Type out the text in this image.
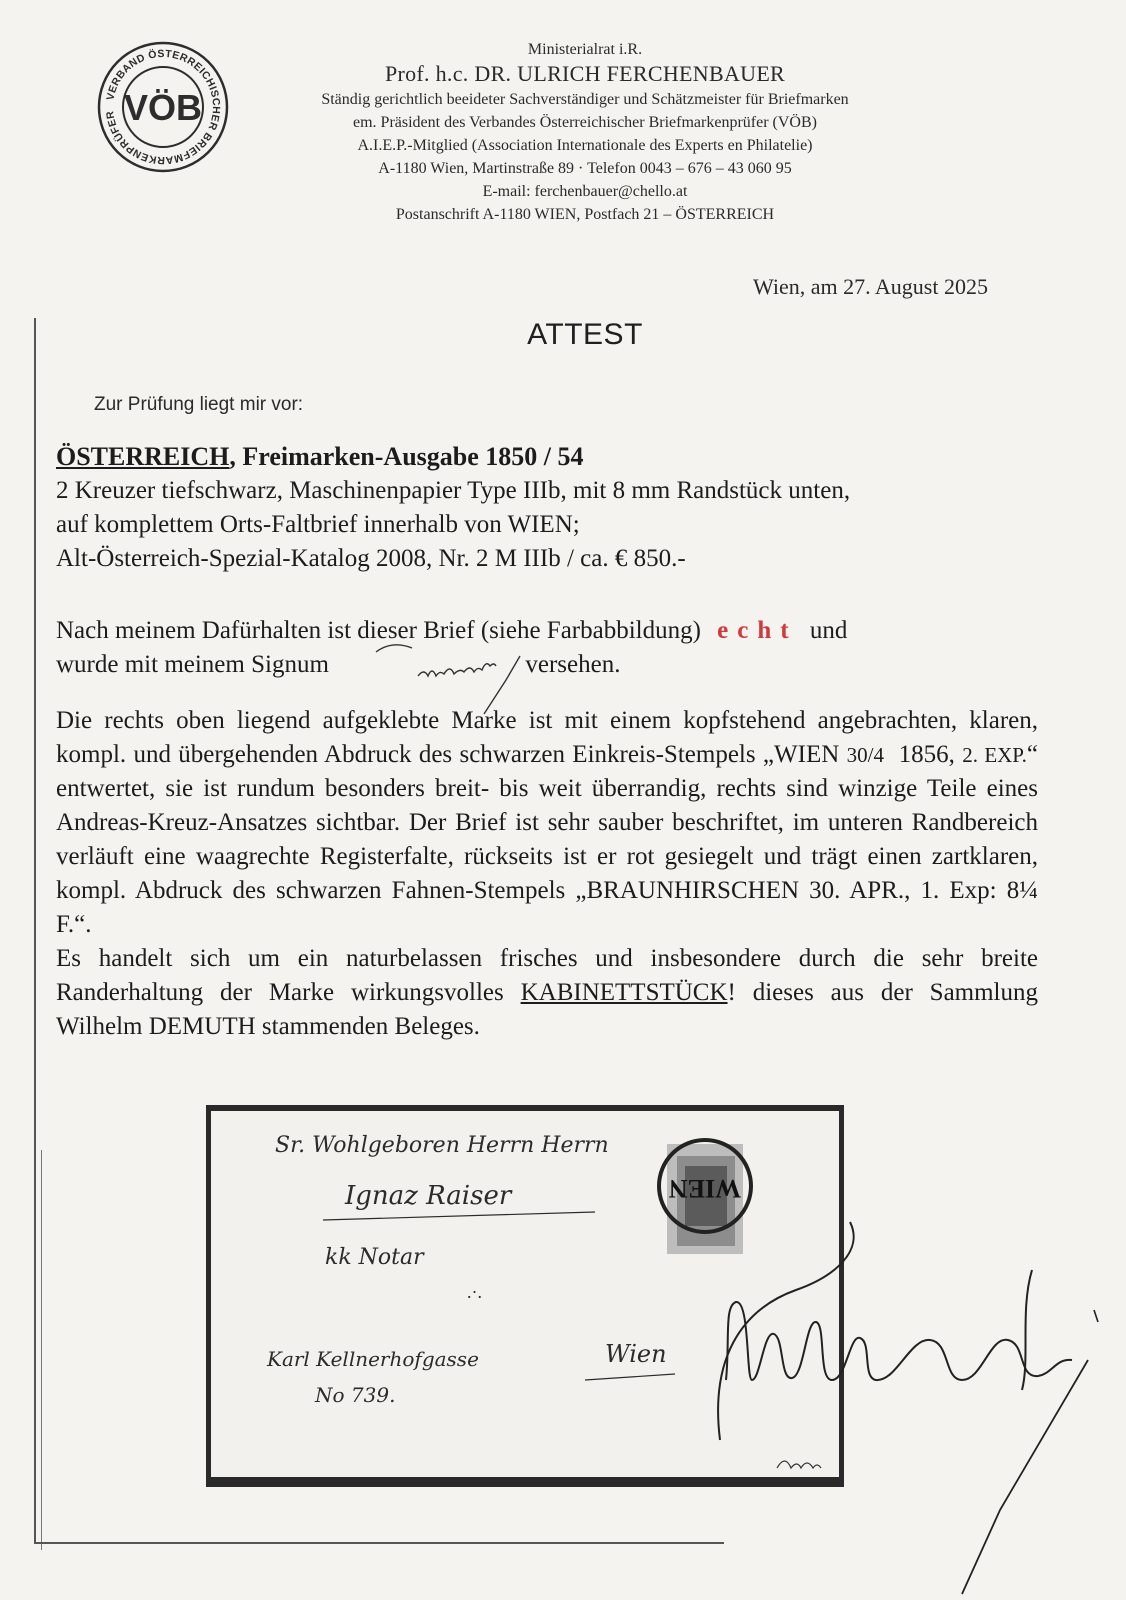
VERBAND ÖSTERREICHISCHER BRIEFMARKENPRÜFER VÖB
Ministerialrat i.R.
Prof. h.c. DR. ULRICH FERCHENBAUER
Ständig gerichtlich beeideter Sachverständiger und Schätzmeister für Briefmarken
em. Präsident des Verbandes Österreichischer Briefmarkenprüfer (VÖB)
A.I.E.P.-Mitglied (Association Internationale des Experts en Philatelie)
A-1180 Wien, Martinstraße 89 · Telefon 0043 – 676 – 43 060 95
E-mail: ferchenbauer@chello.at
Postanschrift A-1180 WIEN, Postfach 21 – ÖSTERREICH
Wien, am 27. August 2025
ATTEST
Zur Prüfung liegt mir vor:
ÖSTERREICH, Freimarken-Ausgabe 1850 / 54
2 Kreuzer tiefschwarz, Maschinenpapier Type IIIb, mit 8 mm Randstück unten,
auf komplettem Orts-Faltbrief innerhalb von WIEN;
Alt-Österreich-Spezial-Katalog 2008, Nr. 2 M IIIb / ca. € 850.-
Nach meinem Dafürhalten ist dieser Brief (siehe Farbabbildung) echt und
wurde mit meinem Signum	versehen.

Die rechts oben liegend aufgeklebte Marke ist mit einem kopfstehend angebrachten, klaren, kompl. und übergehenden Abdruck des schwarzen Einkreis-Stempels „WIEN 30/4 1856, 2. EXP.“ entwertet, sie ist rundum besonders breit- bis weit überrandig, rechts sind winzige Teile eines Andreas-Kreuz-Ansatzes sichtbar. Der Brief ist sehr sauber beschriftet, im unteren Randbereich verläuft eine waagrechte Registerfalte, rückseits ist er rot gesiegelt und trägt einen zartklaren, kompl. Abdruck des schwarzen Fahnen-Stempels „BRAUNHIRSCHEN 30. APR., 1. Exp: 8¼ F.“.

Es handelt sich um ein naturbelassen frisches und insbesondere durch die sehr breite Randerhaltung der Marke wirkungsvolles KABINETTSTÜCK! dieses aus der Sammlung Wilhelm DEMUTH stammenden Beleges.

WIEN
Sr. Wohlgeboren Herrn Herrn
Ignaz Raiser
kk Notar
.·.
Karl Kellnerhofgasse	Wien
No 739.
